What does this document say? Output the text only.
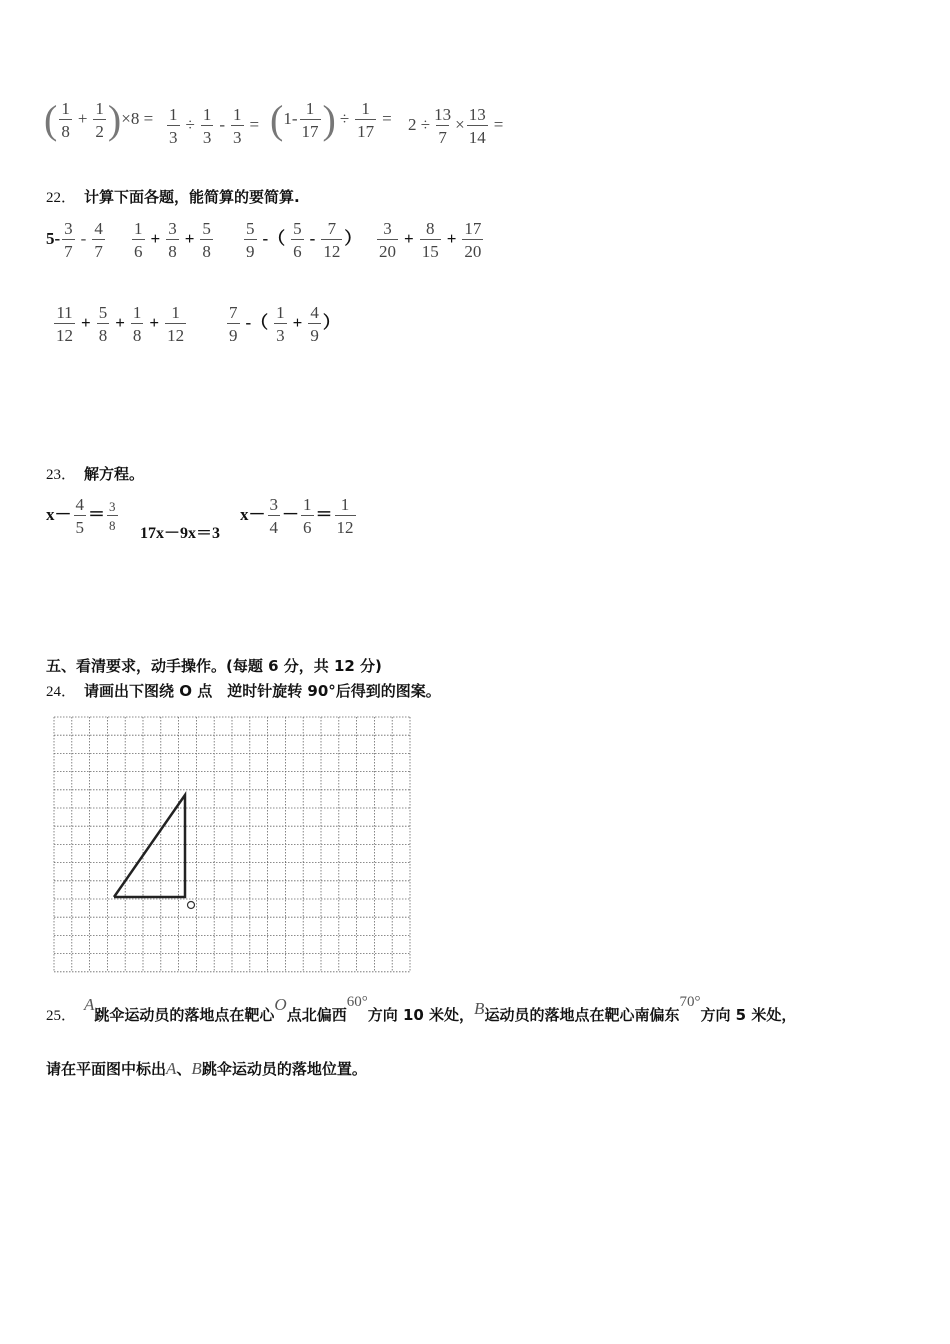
( $\frac{1}{8} + \frac{1}{2} )\times 8 = \frac{1}{3} \div \frac{1}{3} - \frac{1}{3} = (1- \frac{1}{17}$ ) ÷ $\frac{1}{17} = 2 \div \frac{13}{7} \times \frac{13}{14}$ =
22． 计算下面各题，能简算的要简算.
$5- \frac{3}{7} - \frac{4}{7} \frac{1}{6} + \frac{3}{8} + \frac{5}{8} \frac{5}{9}$ -（ $\frac{5}{6} - \frac{7}{12}$ ） $\frac{3}{20} + \frac{8}{15} + \frac{17}{20}$
$\frac{11}{12} + \frac{5}{8} + \frac{1}{8} + \frac{1}{12} \frac{7}{9}$ -（ $\frac{1}{3} + \frac{4}{9}$ ）
23． 解方程。
$x- \frac{4}{5} = \frac{3}{8}$
17x－9x＝3
$x- \frac{3}{4} - \frac{1}{6} = \frac{1}{12}$
五、看清要求，动手操作。(每题 6 分，共 12 分)
24． 请画出下图绕 O 点　逆时针旋转 90°后得到的图案。
25．A跳伞运动员的落地点在靶心O点北偏西60°方向 10 米处，B运动员的落地点在靶心南偏东70°方向 5 米处，
请在平面图中标出A、B跳伞运动员的落地位置。
